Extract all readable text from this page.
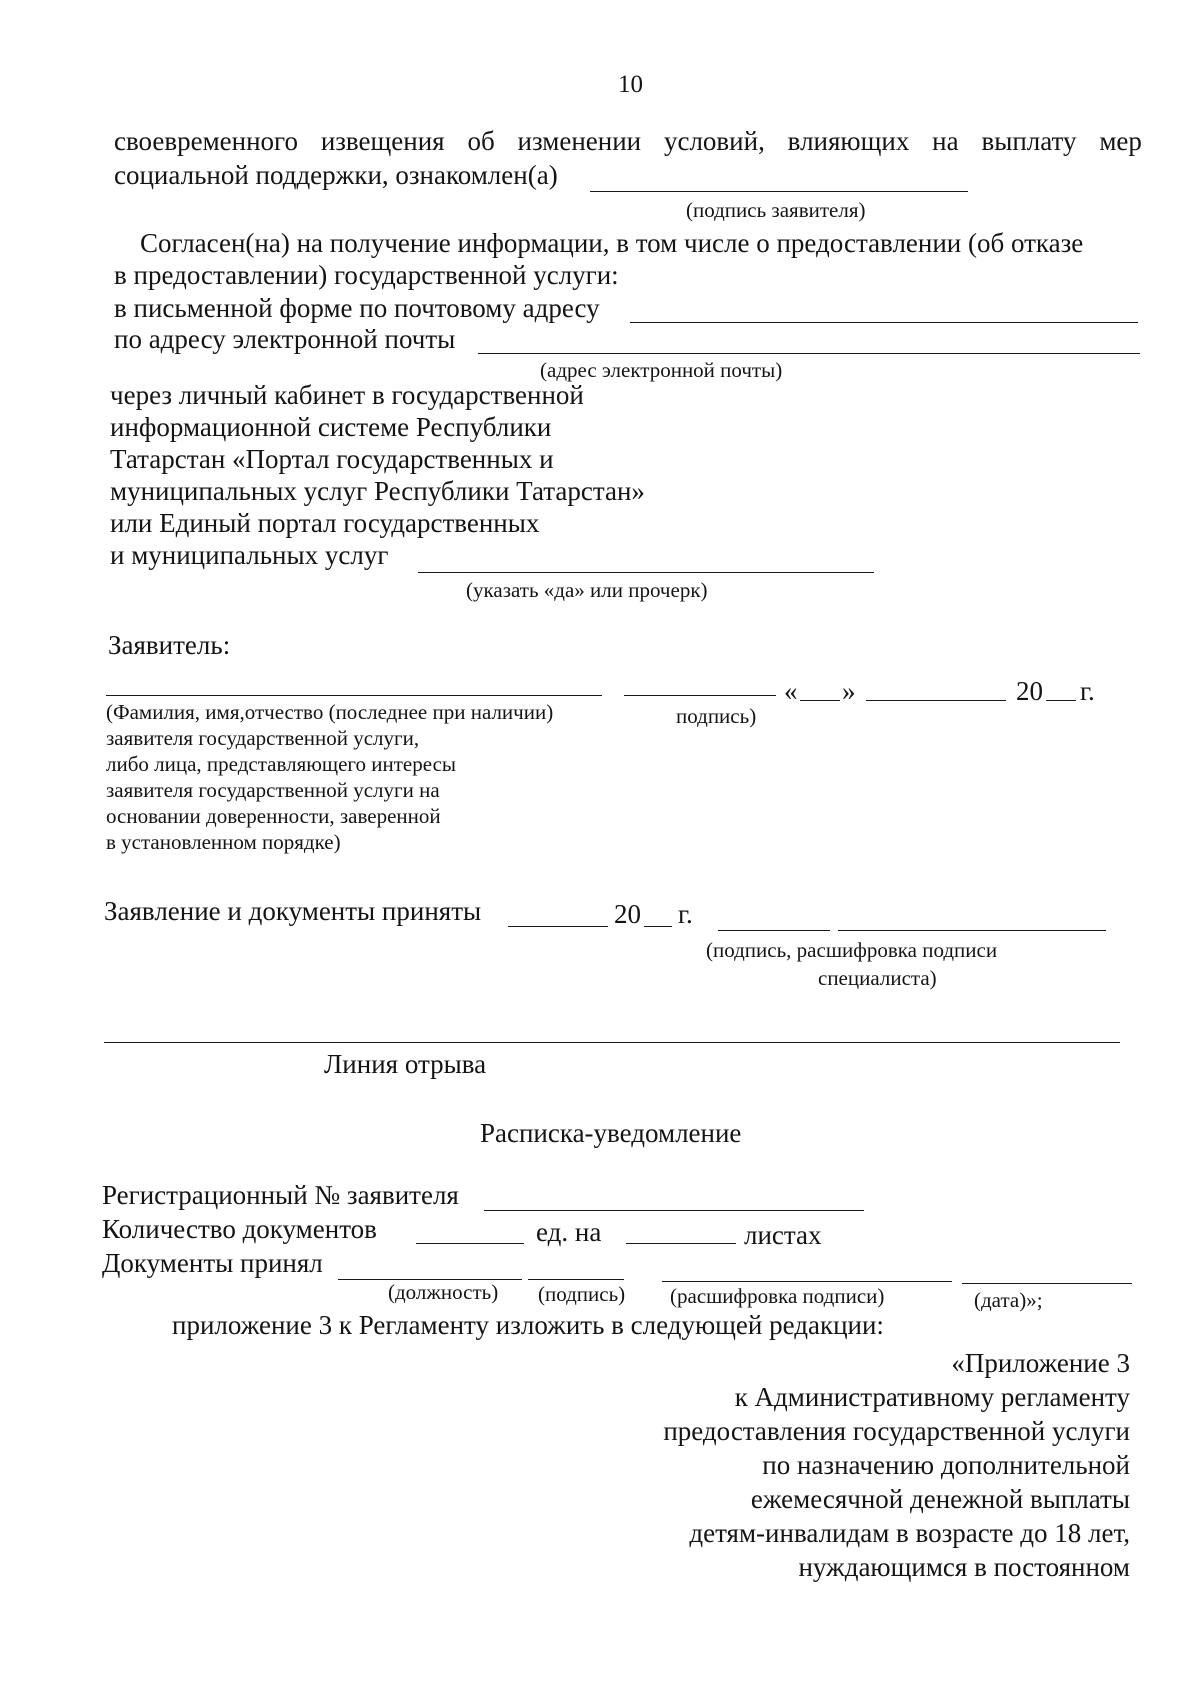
10
своевременного извещения об изменении условий, влияющих на выплату мер
социальной поддержки, ознакомлен(а)
(подпись заявителя)
Согласен(на) на получение информации, в том числе о предоставлении (об отказе
в предоставлении) государственной услуги:
в письменной форме по почтовому адресу
по адресу электронной почты
(адрес электронной почты)
через личный кабинет в государственной
информационной системе Республики
Татарстан «Портал государственных и
муниципальных услуг Республики Татарстан»
или Единый портал государственных
и муниципальных услуг
(указать «да» или прочерк)
Заявитель:
« »	20 г.
(Фамилия, имя,отчество (последнее при наличии)	подпись)
заявителя государственной услуги,
либо лица, представляющего интересы
заявителя государственной услуги на
основании доверенности, заверенной
в установленном порядке)
Заявление и документы приняты	20 г.
(подпись, расшифровка подписи
специалиста)
Линия отрыва
Расписка-уведомление
Регистрационный № заявителя
Количество документов	ед. на	листах
Документы принял
(должность) (подпись) (расшифровка подписи)	(дата)»;
приложение 3 к Регламенту изложить в следующей редакции:
«Приложение 3
к Административному регламенту
предоставления государственной услуги
по назначению дополнительной
ежемесячной денежной выплаты
детям-инвалидам в возрасте до 18 лет,
нуждающимся в постоянном
